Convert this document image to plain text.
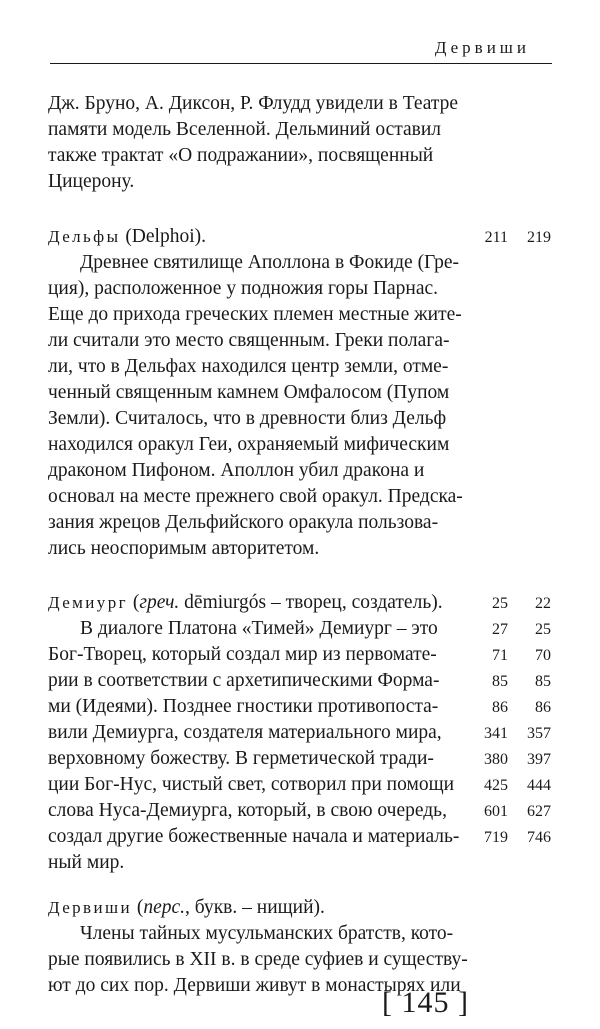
Дервиши
Дж. Бруно, А. Диксон, Р. Флудд увидели в Театре
памяти модель Вселенной. Дельминий оставил
также трактат «О подражании», посвященный
Цицерону.
Дельфы (Delphoi).	211	219
Древнее святилище Аполлона в Фокиде (Гре-
ция), расположенное у подножия горы Парнас.
Еще до прихода греческих племен местные жите-
ли считали это место священным. Греки полага-
ли, что в Дельфах находился центр земли, отме-
ченный священным камнем Омфалосом (Пупом
Земли). Считалось, что в древности близ Дельф
находился оракул Геи, охраняемый мифическим
драконом Пифоном. Аполлон убил дракона и
основал на месте прежнего свой оракул. Предска-
зания жрецов Дельфийского оракула пользова-
лись неоспоримым авторитетом.
Демиург (греч. dēmiurgós – творец, создатель).
В диалоге Платона «Тимей» Демиург – это
Бог-Творец, который создал мир из первомате-
рии в соответствии с архетипическими Форма-
ми (Идеями). Позднее гностики противопоста-
вили Демиурга, создателя материального мира,
верховному божеству. В герметической тради-
ции Бог-Нус, чистый свет, сотворил при помощи
слова Нуса-Демиурга, который, в свою очередь,
создал другие божественные начала и материаль-
ный мир.
25	22
27	25
71	70
85	85
86	86
341	357
380	397
425	444
601	627
719	746
Дервиши (перс., букв. – нищий).
Члены тайных мусульманских братств, кото-
рые появились в XII в. в среде суфиев и существу-
ют до сих пор. Дервиши живут в монастырях или
[ 145 ]
